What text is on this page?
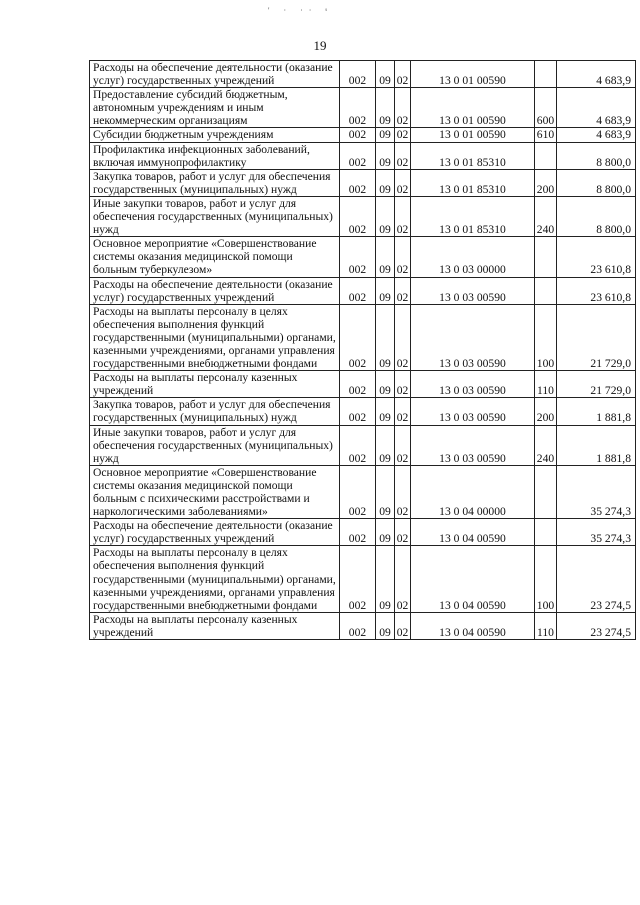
' · ·· ˢ
19
Расходы на обеспечение деятельности (оказание услуг) государственных учреждений	002	09	02	13 0 01 00590		4 683,9
Предоставление субсидий бюджетным, автономным учреждениям и иным некоммерческим организациям	002	09	02	13 0 01 00590	600	4 683,9
Субсидии бюджетным учреждениям	002	09	02	13 0 01 00590	610	4 683,9
Профилактика инфекционных заболеваний, включая иммунопрофилактику	002	09	02	13 0 01 85310		8 800,0
Закупка товаров, работ и услуг для обеспечения государственных (муниципальных) нужд	002	09	02	13 0 01 85310	200	8 800,0
Иные закупки товаров, работ и услуг для обеспечения государственных (муниципальных) нужд	002	09	02	13 0 01 85310	240	8 800,0
Основное мероприятие «Совершенствование системы оказания медицинской помощи больным туберкулезом»	002	09	02	13 0 03 00000		23 610,8
Расходы на обеспечение деятельности (оказание услуг) государственных учреждений	002	09	02	13 0 03 00590		23 610,8
Расходы на выплаты персоналу в целях обеспечения выполнения функций государственными (муниципальными) органами, казенными учреждениями, органами управления государственными внебюджетными фондами	002	09	02	13 0 03 00590	100	21 729,0
Расходы на выплаты персоналу казенных учреждений	002	09	02	13 0 03 00590	110	21 729,0
Закупка товаров, работ и услуг для обеспечения государственных (муниципальных) нужд	002	09	02	13 0 03 00590	200	1 881,8
Иные закупки товаров, работ и услуг для обеспечения государственных (муниципальных) нужд	002	09	02	13 0 03 00590	240	1 881,8
Основное мероприятие «Совершенствование системы оказания медицинской помощи больным с психическими расстройствами и наркологическими заболеваниями»	002	09	02	13 0 04 00000		35 274,3
Расходы на обеспечение деятельности (оказание услуг) государственных учреждений	002	09	02	13 0 04 00590		35 274,3
Расходы на выплаты персоналу в целях обеспечения выполнения функций государственными (муниципальными) органами, казенными учреждениями, органами управления государственными внебюджетными фондами	002	09	02	13 0 04 00590	100	23 274,5
Расходы на выплаты персоналу казенных учреждений	002	09	02	13 0 04 00590	110	23 274,5
